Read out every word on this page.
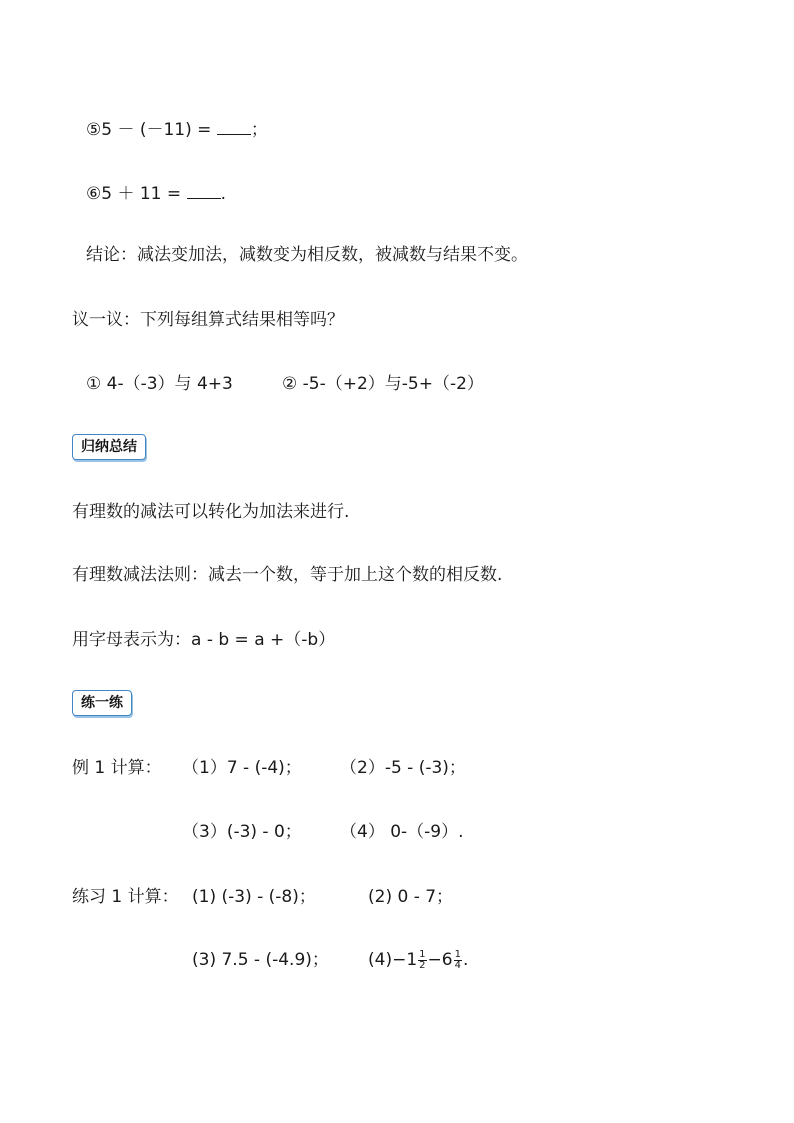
⑤5 － (－11) = ；
⑥5 ＋ 11 = .
结论：减法变加法，减数变为相反数，被减数与结果不变。
议一议：下列每组算式结果相等吗？
① 4-（-3）与 4+3	② -5-（+2）与-5+（-2）
归纳总结
有理数的减法可以转化为加法来进行.
有理数减法法则：减去一个数，等于加上这个数的相反数.
用字母表示为：a - b = a +（-b）
练一练
例 1 计算： （1）7 - (-4)； （2）-5 - (-3)；
（3）(-3) - 0； （4） 0-（-9）.
练习 1 计算： (1) (-3) - (-8)；	(2) 0 - 7；
(3) 7.5 - (-4.9)； $(4)-1 \frac{1}{2} -6 \frac{1}{4}$ .
